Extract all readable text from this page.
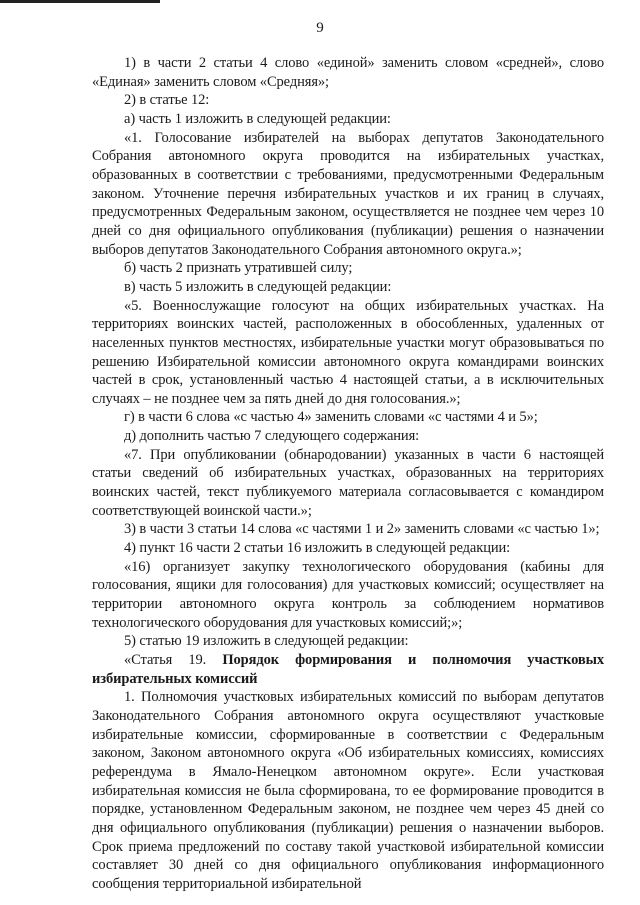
9

1) в части 2 статьи 4 слово «единой» заменить словом «средней», слово «Единая» заменить словом «Средняя»;

2) в статье 12:

а) часть 1 изложить в следующей редакции:

«1. Голосование избирателей на выборах депутатов Законодательного Собрания автономного округа проводится на избирательных участках, образованных в соответствии с требованиями, предусмотренными Федеральным законом. Уточнение перечня избирательных участков и их границ в случаях, предусмотренных Федеральным законом, осуществляется не позднее чем через 10 дней со дня официального опубликования (публикации) решения о назначении выборов депутатов Законодательного Собрания автономного округа.»;

б) часть 2 признать утратившей силу;

в) часть 5 изложить в следующей редакции:

«5. Военнослужащие голосуют на общих избирательных участках. На территориях воинских частей, расположенных в обособленных, удаленных от населенных пунктов местностях, избирательные участки могут образовываться по решению Избирательной комиссии автономного округа командирами воинских частей в срок, установленный частью 4 настоящей статьи, а в исключительных случаях – не позднее чем за пять дней до дня голосования.»;

г) в части 6 слова «с частью 4» заменить словами «с частями 4 и 5»;

д) дополнить частью 7 следующего содержания:

«7. При опубликовании (обнародовании) указанных в части 6 настоящей статьи сведений об избирательных участках, образованных на территориях воинских частей, текст публикуемого материала согласовывается с командиром соответствующей воинской части.»;

3) в части 3 статьи 14 слова «с частями 1 и 2» заменить словами «с частью 1»;

4) пункт 16 части 2 статьи 16 изложить в следующей редакции:

«16) организует закупку технологического оборудования (кабины для голосования, ящики для голосования) для участковых комиссий; осуществляет на территории автономного округа контроль за соблюдением нормативов технологического оборудования для участковых комиссий;»;

5) статью 19 изложить в следующей редакции:

«Статья 19. Порядок формирования и полномочия участковых избирательных комиссий

1. Полномочия участковых избирательных комиссий по выборам депутатов Законодательного Собрания автономного округа осуществляют участковые избирательные комиссии, сформированные в соответствии с Федеральным законом, Законом автономного округа «Об избирательных комиссиях, комиссиях референдума в Ямало-Ненецком автономном округе». Если участковая избирательная комиссия не была сформирована, то ее формирование проводится в порядке, установленном Федеральным законом, не позднее чем через 45 дней со дня официального опубликования (публикации) решения о назначении выборов. Срок приема предложений по составу такой участковой избирательной комиссии составляет 30 дней со дня официального опубликования информационного сообщения территориальной избирательной
